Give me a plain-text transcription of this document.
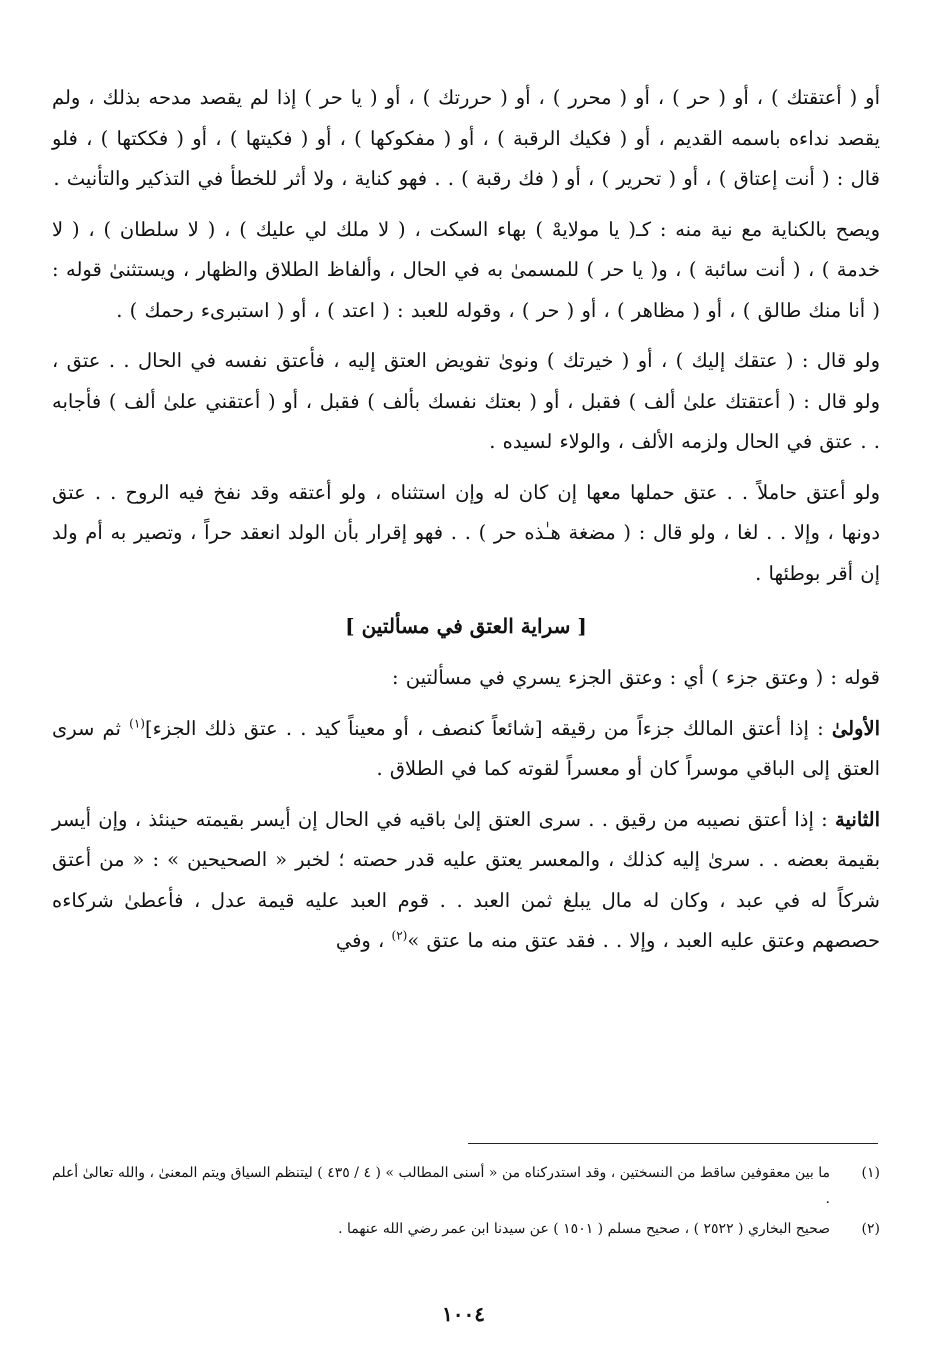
أو ( أعتقتك ) ، أو ( حر ) ، أو ( محرر ) ، أو ( حررتك ) ، أو ( يا حر ) إذا لم يقصد مدحه بذلك ، ولم يقصد نداءه باسمه القديم ، أو ( فكيك الرقبة ) ، أو ( مفكوكها ) ، أو ( فكيتها ) ، أو ( فككتها ) ، فلو قال : ( أنت إعتاق ) ، أو ( تحرير ) ، أو ( فك رقبة ) . . فهو كناية ، ولا أثر للخطأ في التذكير والتأنيث .

ويصح بالكناية مع نية منه : كـ( يا مولايهْ ) بهاء السكت ، ( لا ملك لي عليك ) ، ( لا سلطان ) ، ( لا خدمة ) ، ( أنت سائبة ) ، و( يا حر ) للمسمىٰ به في الحال ، وألفاظ الطلاق والظهار ، ويستثنىٰ قوله : ( أنا منك طالق ) ، أو ( مظاهر ) ، أو ( حر ) ، وقوله للعبد : ( اعتد ) ، أو ( استبرىء رحمك ) .

ولو قال : ( عتقك إليك ) ، أو ( خيرتك ) ونوىٰ تفويض العتق إليه ، فأعتق نفسه في الحال . . عتق ، ولو قال : ( أعتقتك علىٰ ألف ) فقبل ، أو ( بعتك نفسك بألف ) فقبل ، أو ( أعتقني علىٰ ألف ) فأجابه . . عتق في الحال ولزمه الألف ، والولاء لسيده .

ولو أعتق حاملاً . . عتق حملها معها إن كان له وإن استثناه ، ولو أعتقه وقد نفخ فيه الروح . . عتق دونها ، وإلا . . لغا ، ولو قال : ( مضغة هـٰذه حر ) . . فهو إقرار بأن الولد انعقد حراً ، وتصير به أم ولد إن أقر بوطئها .

[ سراية العتق في مسألتين ]

قوله : ( وعتق جزء ) أي : وعتق الجزء يسري في مسألتين :

الأولىٰ : إذا أعتق المالك جزءاً من رقيقه [شائعاً كنصف ، أو معيناً كيد . . عتق ذلك الجزء]$^{(١)}$ ثم سرى العتق إلى الباقي موسراً كان أو معسراً لقوته كما في الطلاق .

الثانية : إذا أعتق نصيبه من رقيق . . سرى العتق إلىٰ باقيه في الحال إن أيسر بقيمته حينئذ ، وإن أيسر بقيمة بعضه . . سرىٰ إليه كذلك ، والمعسر يعتق عليه قدر حصته ؛ لخبر « الصحيحين » : « من أعتق شركاً له في عبد ، وكان له مال يبلغ ثمن العبد . . قوم العبد عليه قيمة عدل ، فأعطىٰ شركاءه حصصهم وعتق عليه العبد ، وإلا . . فقد عتق منه ما عتق »$^{(٢)}$ ، وفي

(١)
ما بين معقوفين ساقط من النسختين ، وقد استدركناه من « أسنى المطالب » ( ٤ / ٤٣٥ ) ليتنظم السياق ويتم المعنىٰ ، والله تعالىٰ أعلم .
(٢)
صحيح البخاري ( ٢٥٢٢ ) ، صحيح مسلم ( ١٥٠١ ) عن سيدنا ابن عمر رضي الله عنهما .
١٠٠٤
